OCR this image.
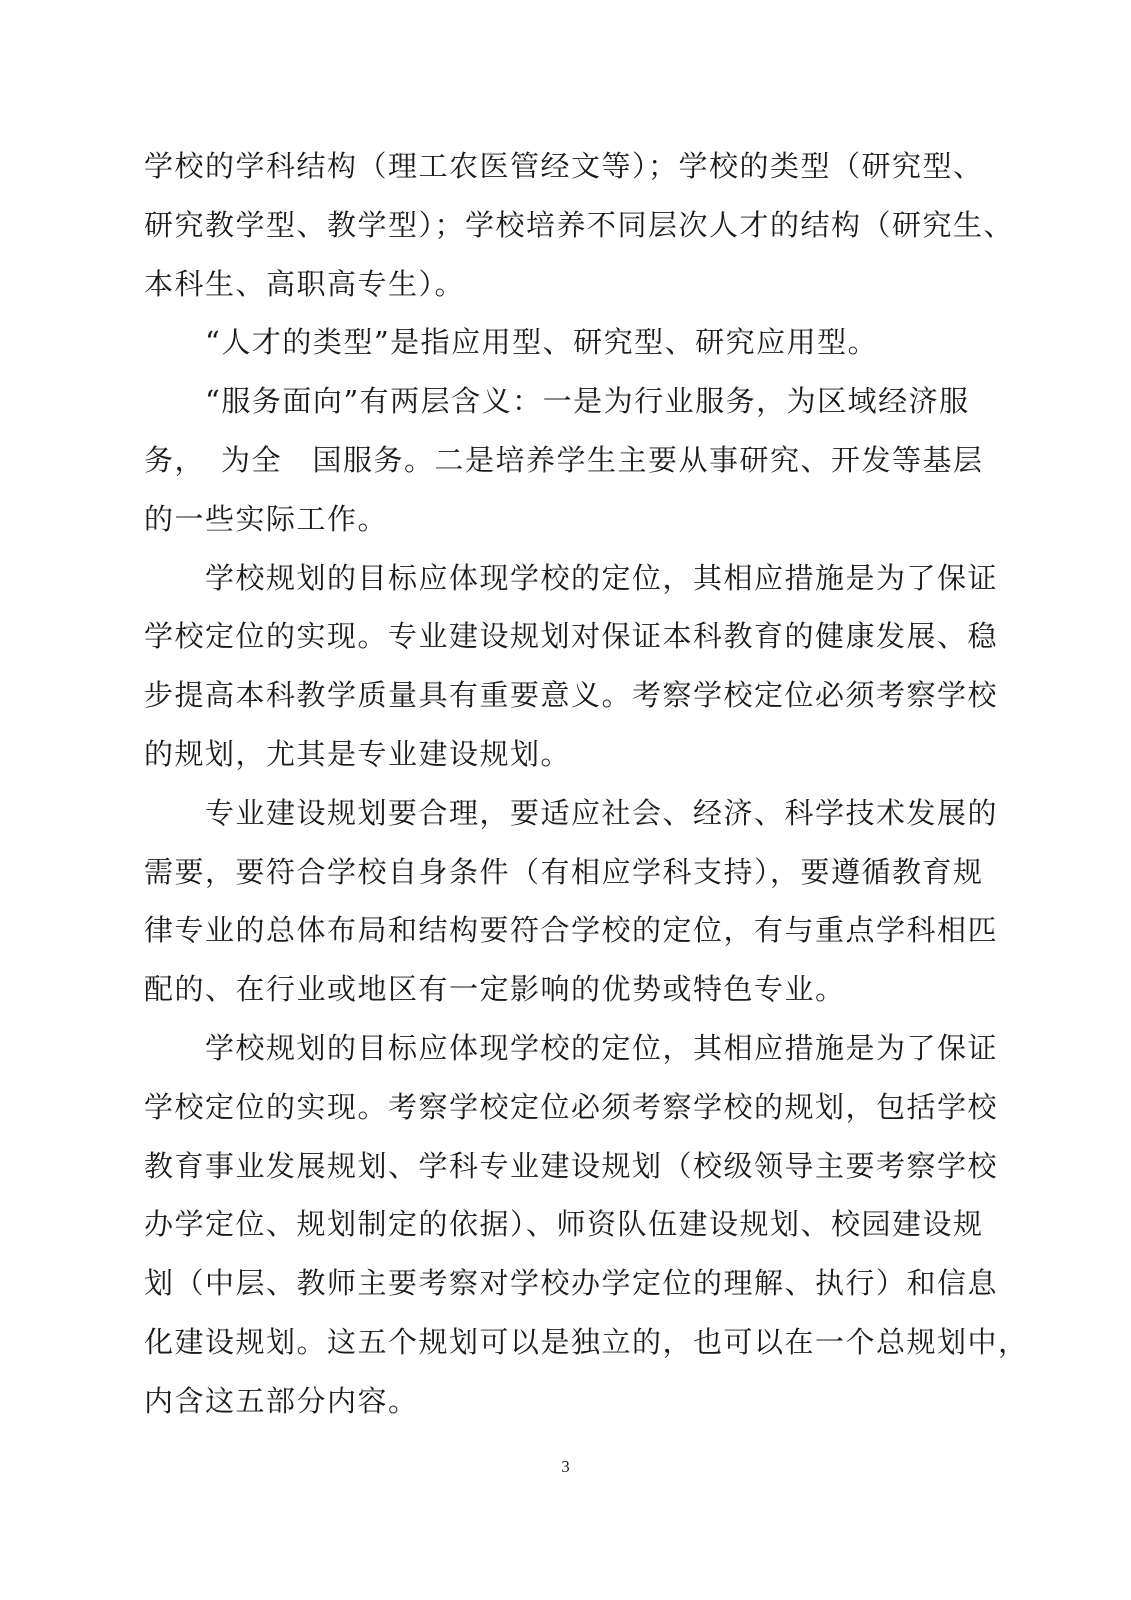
学校的学科结构（理工农医管经文等）；学校的类型（研究型、
研究教学型、教学型）；学校培养不同层次人才的结构（研究生、
本科生、高职高专生）。
　　“人才的类型”是指应用型、研究型、研究应用型。
　　“服务面向”有两层含义：一是为行业服务，为区域经济服
务，　为全　国服务。二是培养学生主要从事研究、开发等基层
的一些实际工作。
　　学校规划的目标应体现学校的定位，其相应措施是为了保证
学校定位的实现。专业建设规划对保证本科教育的健康发展、稳
步提高本科教学质量具有重要意义。考察学校定位必须考察学校
的规划，尤其是专业建设规划。
　　专业建设规划要合理，要适应社会、经济、科学技术发展的
需要，要符合学校自身条件（有相应学科支持），要遵循教育规
律专业的总体布局和结构要符合学校的定位，有与重点学科相匹
配的、在行业或地区有一定影响的优势或特色专业。
　　学校规划的目标应体现学校的定位，其相应措施是为了保证
学校定位的实现。考察学校定位必须考察学校的规划，包括学校
教育事业发展规划、学科专业建设规划（校级领导主要考察学校
办学定位、规划制定的依据）、师资队伍建设规划、校园建设规
划（中层、教师主要考察对学校办学定位的理解、执行）和信息
化建设规划。这五个规划可以是独立的，也可以在一个总规划中，
内含这五部分内容。
3
